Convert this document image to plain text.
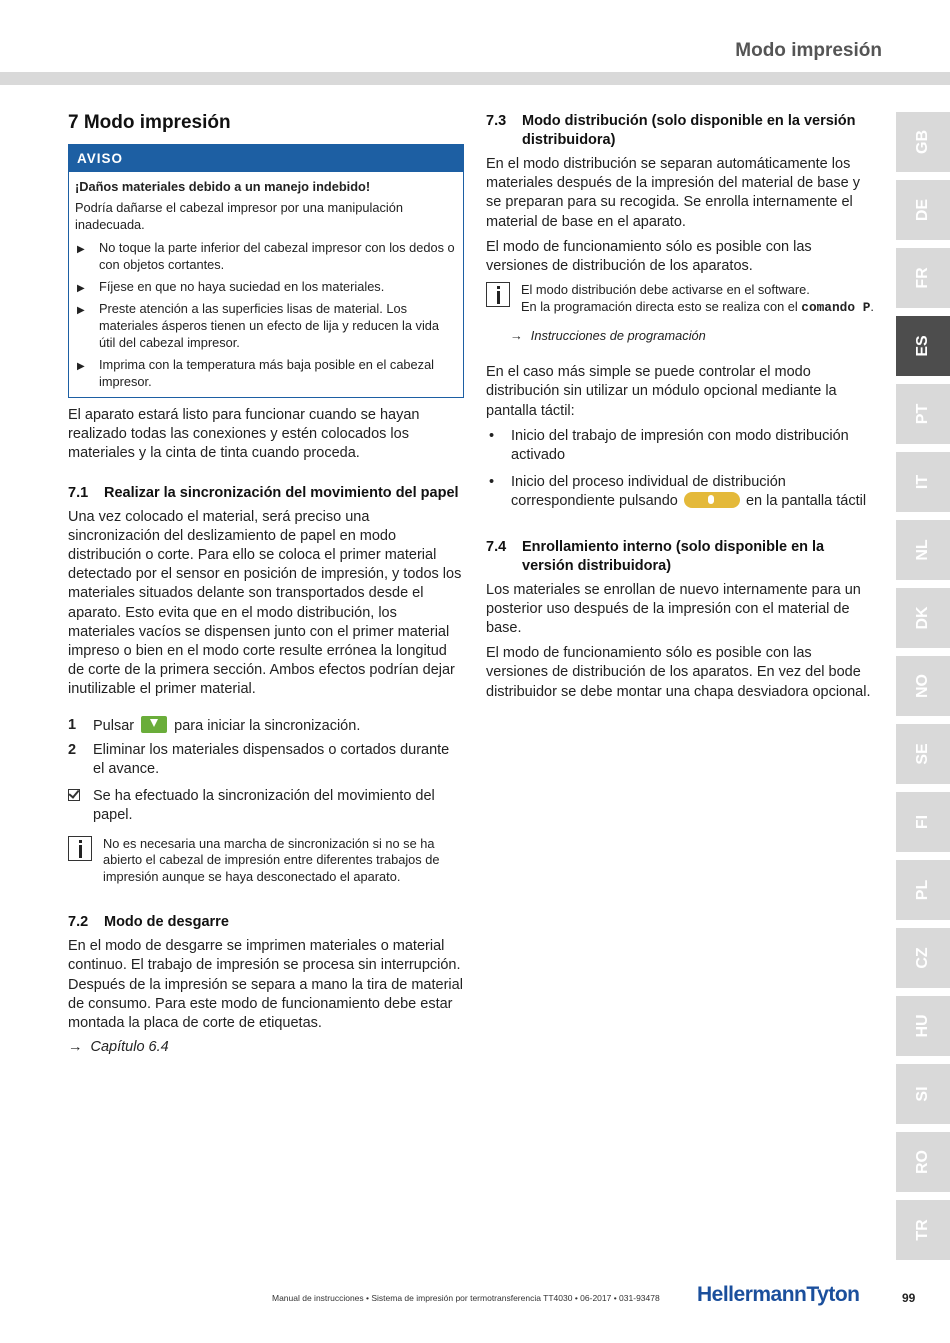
Modo impresión
7 Modo impresión
AVISO
¡Daños materiales debido a un manejo indebido!
Podría dañarse el cabezal impresor por una manipulación inadecuada.
▶ No toque la parte inferior del cabezal impresor con los dedos o con objetos cortantes.
▶ Fíjese en que no haya suciedad en los materiales.
▶ Preste atención a las superficies lisas de material. Los materiales ásperos tienen un efecto de lija y reducen la vida útil del cabezal impresor.
▶ Imprima con la temperatura más baja posible en el cabezal impresor.

El aparato estará listo para funcionar cuando se hayan realizado todas las conexiones y estén colocados los materiales y la cinta de tinta cuando proceda.

7.1	Realizar la sincronización del movimiento del papel

Una vez colocado el material, será preciso una sincronización del deslizamiento de papel en modo distribución o corte. Para ello se coloca el primer material detectado por el sensor en posición de impresión, y todos los materiales situados delante son transportados desde el aparato. Esto evita que en el modo distribución, los materiales vacíos se dispensen junto con el primer material impreso o bien en el modo corte resulte errónea la longitud de corte de la primera sección. Ambos efectos podrían dejar inutilizable el primer material.

1	Pulsar	para iniciar la sincronización.
2	Eliminar los materiales dispensados o cortados durante el avance.
Se ha efectuado la sincronización del movimiento del papel.
No es necesaria una marcha de sincronización si no se ha abierto el cabezal de impresión entre diferentes trabajos de impresión aunque se haya desconectado el aparato.
7.2	Modo de desgarre

En el modo de desgarre se imprimen materiales o material continuo. El trabajo de impresión se procesa sin interrupción. Después de la impresión se separa a mano la tira de material de consumo. Para este modo de funcionamiento debe estar montada la placa de corte de etiquetas.

→ Capítulo 6.4
7.3	Modo distribución (solo disponible en la versión distribuidora)

En el modo distribución se separan automáticamente los materiales después de la impresión del material de base y se preparan para su recogida. Se enrolla internamente el material de base en el aparato.

El modo de funcionamiento sólo es posible con las versiones de distribución de los aparatos.

El modo distribución debe activarse en el software.
En la programación directa esto se realiza con el comando P.
→ Instrucciones de programación

En el caso más simple se puede controlar el modo distribución sin utilizar un módulo opcional mediante la pantalla táctil:

• Inicio del trabajo de impresión con modo distribución activado
• Inicio del proceso individual de distribución correspondiente pulsando	en la pantalla táctil
7.4	Enrollamiento interno (solo disponible en la versión distribuidora)

Los materiales se enrollan de nuevo internamente para un posterior uso después de la impresión con el material de base.

El modo de funcionamiento sólo es posible con las versiones de distribución de los aparatos. En vez del bode distribuidor se debe montar una chapa desviadora opcional.

GB
DE
FR
ES
PT
IT
NL
DK
NO
SE
FI
PL
CZ
HU
SI
RO
TR
Manual de instrucciones • Sistema de impresión por termotransferencia TT4030 • 06-2017 • 031-93478 HellermannTyton	99
